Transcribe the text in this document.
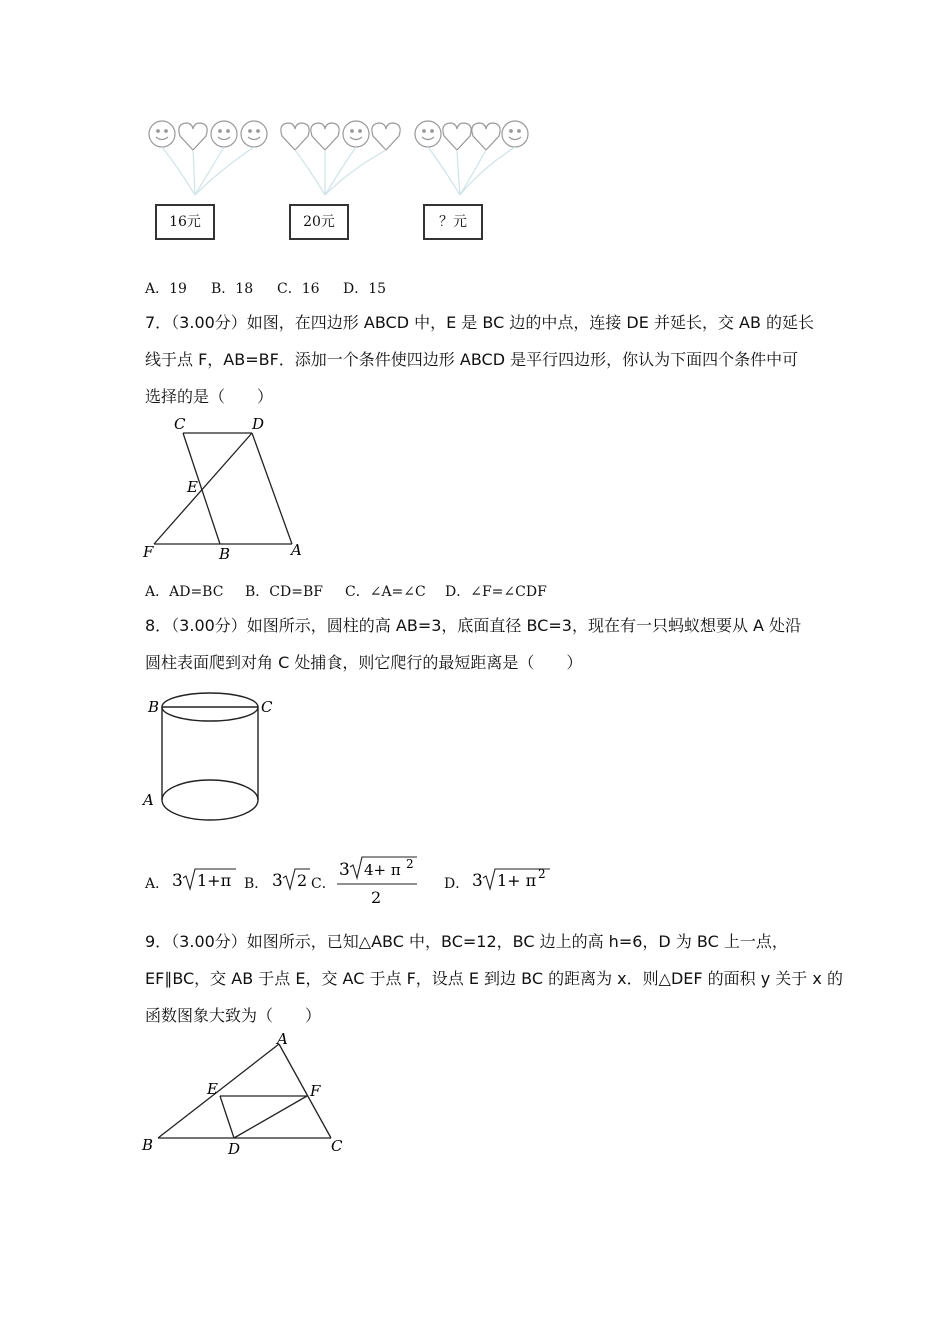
16元	20元	？元
A．19 B．18 C．16 D．15
7．（3.00分）如图，在四边形 ABCD 中，E 是 BC 边的中点，连接 DE 并延长，交 AB 的延长
线于点 F，AB=BF．添加一个条件使四边形 ABCD 是平行四边形，你认为下面四个条件中可
选择的是（　　）
C	D
E
F	B	A
A．AD=BC B．CD=BF C．∠A=∠C D．∠F=∠CDF
8．（3.00分）如图所示，圆柱的高 AB=3，底面直径 BC=3，现在有一只蚂蚁想要从 A 处沿
圆柱表面爬到对角 C 处捕食，则它爬行的最短距离是（　　）
B	C
A
A． 3 1+π B． 3 2 C．
3 4+ π 2
2
D． 3 1+ π 2
9．（3.00分）如图所示，已知△ABC 中，BC=12，BC 边上的高 h=6，D 为 BC 上一点，
EF∥BC，交 AB 于点 E，交 AC 于点 F，设点 E 到边 BC 的距离为 x．则△DEF 的面积 y 关于 x 的
函数图象大致为（　　）
A
E	F
B	D	C
